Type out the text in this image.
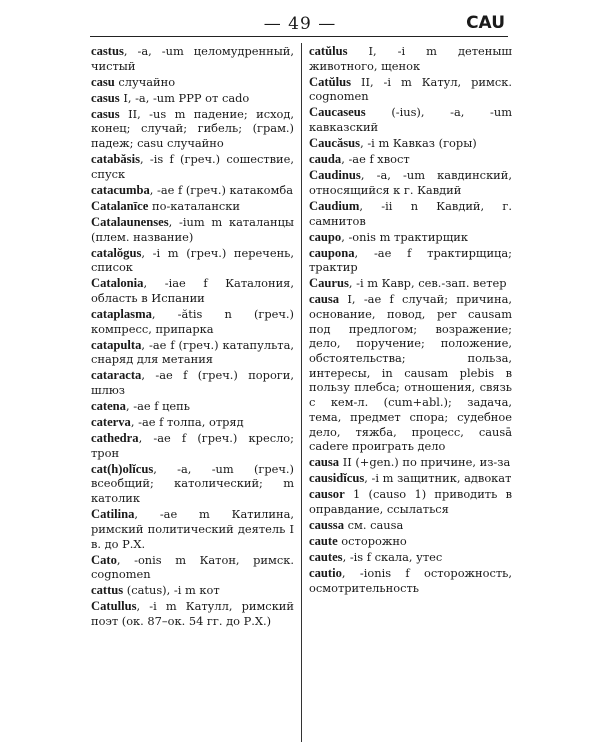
— 49 —	CAU
castus, -a, -um целомудренный, чистый
casu случайно
casus I, -a, -um PPP от cado
casus II, -us m падение; исход, конец; случай; гибель; (грам.) падеж; casu случайно
catabăsis, -is f (греч.) сошествие, спуск
catacumba, -ae f (греч.) катакомба
Catalanīce по-каталански
Catalaunenses, -ium m каталанцы (плем. название)
catalŏgus, -i m (греч.) перечень, список
Catalonia, -iae f Каталония, область в Испании
cataplasma, -ătis n (греч.) компресс, припарка
catapulta, -ae f (греч.) катапульта, снаряд для метания
cataracta, -ae f (греч.) пороги, шлюз
catena, -ae f цепь
caterva, -ae f толпа, отряд
cathedra, -ae f (греч.) кресло; трон
cat(h)olĭcus, -a, -um (греч.) всеобщий; католический; m католик
Catilina, -ae m Катилина, римский политический деятель I в. до Р.Х.
Cato, -onis m Катон, римск. cognomen
cattus (catus), -i m кот
Catullus, -i m Катулл, римский поэт (ок. 87–ок. 54 гг. до Р.Х.)
catŭlus I, -i m детеныш животного, щенок
Catŭlus II, -i m Катул, римск. cognomen
Caucaseus (-ius), -a, -um кавказский
Caucăsus, -i m Кавказ (горы)
cauda, -ae f хвост
Caudinus, -a, -um кавдинский, относящийся к г. Кавдий
Caudium, -ii n Кавдий, г. самнитов
caupo, -onis m трактирщик
caupona, -ae f трактирщица; трактир
Caurus, -i m Кавр, сев.-зап. ветер
causa I, -ae f случай; причина, основание, повод, per causam под предлогом; возражение; дело, поручение; положение, обстоятельства; польза, интересы, in causam plebis в пользу плебса; отношения, связь с кем-л. (cum+abl.); задача, тема, предмет спора; судебное дело, тяжба, процесс, causā cadere проиграть дело
causa II (+gen.) по причине, из-за
causidĭcus, -i m защитник, адвокат
causor 1 (causo 1) приводить в оправдание, ссылаться
caussa см. causa
caute осторожно
cautes, -is f скала, утес
cautio, -ionis f осторожность, осмотрительность
